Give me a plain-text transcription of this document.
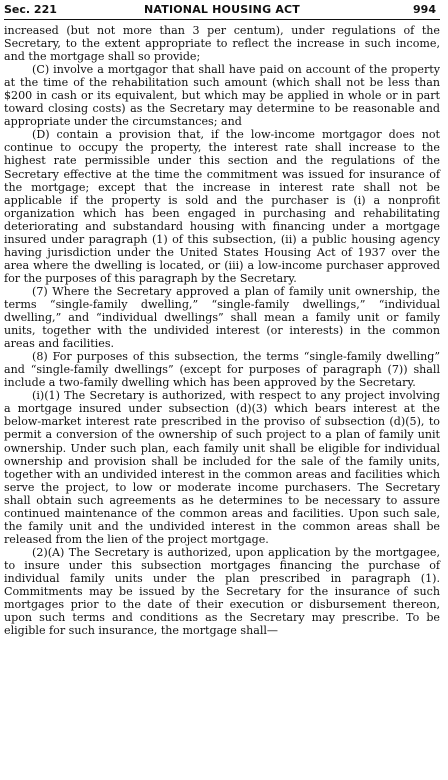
Sec. 221	NATIONAL HOUSING ACT	994

increased (but not more than 3 per centum), under regulations of the Secretary, to the extent appropriate to reflect the increase in such income, and the mortgage shall so provide;

(C) involve a mortgagor that shall have paid on account of the property at the time of the rehabilitation such amount (which shall not be less than $200 in cash or its equivalent, but which may be applied in whole or in part toward closing costs) as the Secretary may determine to be reasonable and appropriate under the circumstances; and

(D) contain a provision that, if the low-income mortgagor does not continue to occupy the property, the interest rate shall increase to the highest rate permissible under this section and the regulations of the Secretary effective at the time the commitment was issued for insurance of the mortgage; except that the increase in interest rate shall not be applicable if the property is sold and the purchaser is (i) a nonprofit organization which has been engaged in purchasing and rehabilitating deteriorating and substandard housing with financing under a mortgage insured under paragraph (1) of this subsection, (ii) a public housing agency having jurisdiction under the United States Housing Act of 1937 over the area where the dwelling is located, or (iii) a low-income purchaser approved for the purposes of this paragraph by the Secretary.

(7) Where the Secretary approved a plan of family unit ownership, the terms “single-family dwelling,” “single-family dwellings,” “individual dwelling,” and “individual dwellings” shall mean a family unit or family units, together with the undivided interest (or interests) in the common areas and facilities.

(8) For purposes of this subsection, the terms “single-family dwelling” and “single-family dwellings” (except for purposes of paragraph (7)) shall include a two-family dwelling which has been approved by the Secretary.

(i)(1) The Secretary is authorized, with respect to any project involving a mortgage insured under subsection (d)(3) which bears interest at the below-market interest rate prescribed in the proviso of subsection (d)(5), to permit a conversion of the ownership of such project to a plan of family unit ownership. Under such plan, each family unit shall be eligible for individual ownership and provision shall be included for the sale of the family units, together with an undivided interest in the common areas and facilities which serve the project, to low or moderate income purchasers. The Secretary shall obtain such agreements as he determines to be necessary to assure continued maintenance of the common areas and facilities. Upon such sale, the family unit and the undivided interest in the common areas shall be released from the lien of the project mortgage.

(2)(A) The Secretary is authorized, upon application by the mortgagee, to insure under this subsection mortgages financing the purchase of individual family units under the plan prescribed in paragraph (1). Commitments may be issued by the Secretary for the insurance of such mortgages prior to the date of their execution or disbursement thereon, upon such terms and conditions as the Secretary may prescribe. To be eligible for such insurance, the mortgage shall—
